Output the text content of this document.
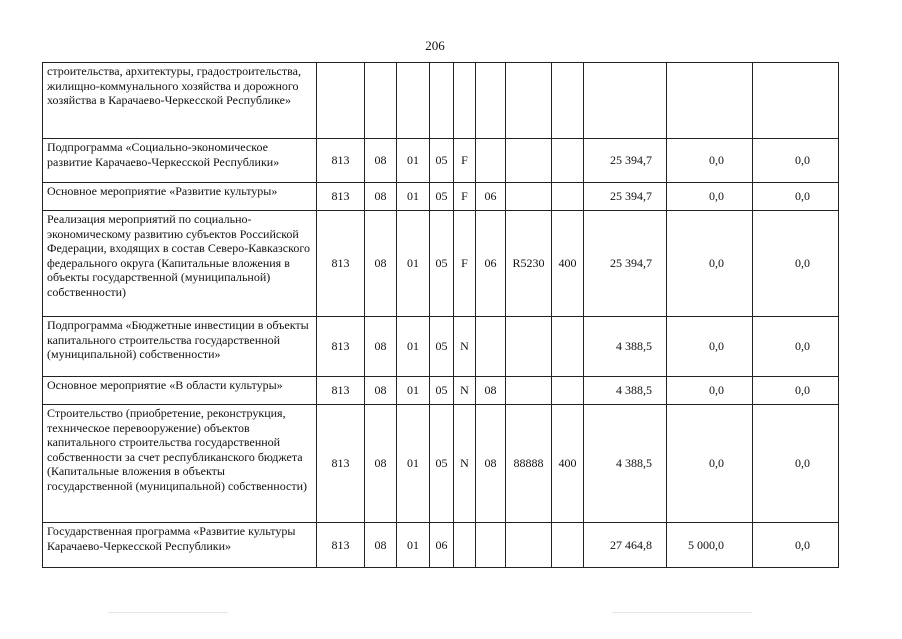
206
строительства, архитектуры, градостроительства, жилищно-коммунального хозяйства и дорожного хозяйства в Карачаево-Черкесской Республике»											
Подпрограмма «Социально-экономическое развитие Карачаево-Черкесской Республики»	813	08	01	05	F				25 394,7	0,0	0,0
Основное мероприятие «Развитие культуры»	813	08	01	05	F	06			25 394,7	0,0	0,0
Реализация мероприятий по социально-экономическому развитию субъектов Российской Федерации, входящих в состав Северо-Кавказского федерального округа (Капитальные вложения в объекты государственной (муниципальной) собственности)	813	08	01	05	F	06	R5230	400	25 394,7	0,0	0,0
Подпрограмма «Бюджетные инвестиции в объекты капитального строительства государственной (муниципальной) собственности»	813	08	01	05	N				4 388,5	0,0	0,0
Основное мероприятие «В области культуры»	813	08	01	05	N	08			4 388,5	0,0	0,0
Строительство (приобретение, реконструкция, техническое перевооружение) объектов капитального строительства государственной собственности за счет республиканского бюджета (Капитальные вложения в объекты государственной (муниципальной) собственности)	813	08	01	05	N	08	88888	400	4 388,5	0,0	0,0
Государственная программа «Развитие культуры Карачаево-Черкесской Республики»	813	08	01	06					27 464,8	5 000,0	0,0
